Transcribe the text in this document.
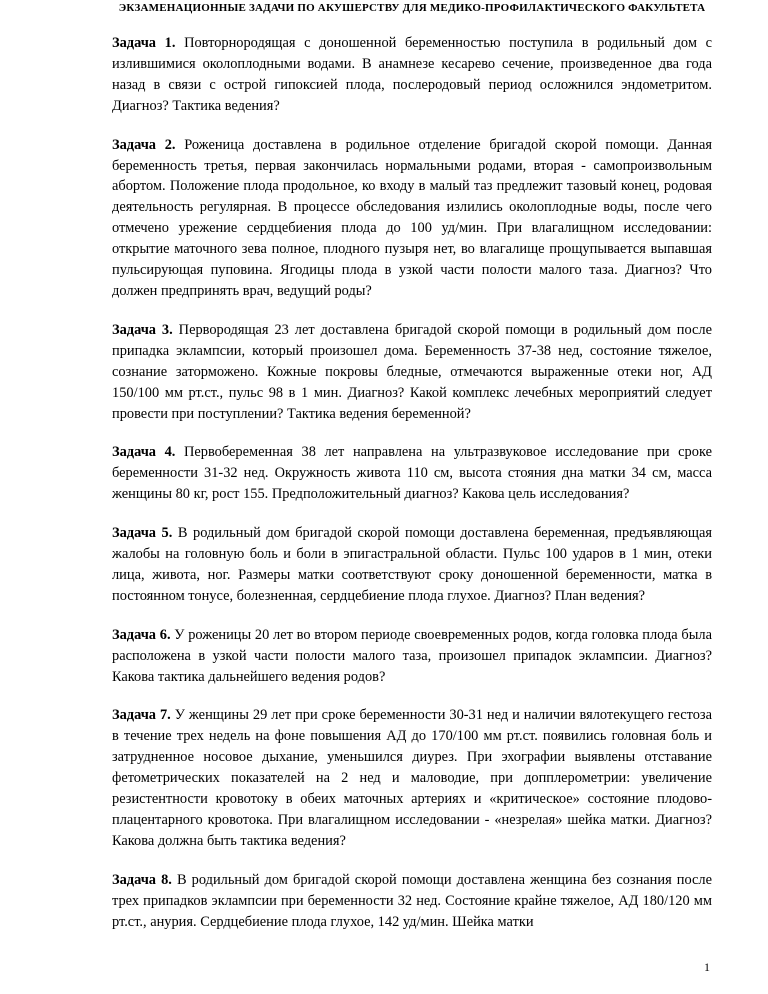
ЭКЗАМЕНАЦИОННЫЕ ЗАДАЧИ ПО АКУШЕРСТВУ ДЛЯ МЕДИКО-ПРОФИЛАКТИЧЕСКОГО ФАКУЛЬТЕТА

Задача 1. Повторнородящая с доношенной беременностью поступила в родильный дом с излившимися околоплодными водами. В анамнезе кесарево сечение, произведенное два года назад в связи с острой гипоксией плода, послеродовый период осложнился эндометритом. Диагноз? Тактика ведения?

Задача 2. Роженица доставлена в родильное отделение бригадой скорой помощи. Данная беременность третья, первая закончилась нормальными родами, вторая - самопроизвольным абортом. Положение плода продольное, ко входу в малый таз предлежит тазовый конец, родовая деятельность регулярная. В процессе обследования излились околоплодные воды, после чего отмечено урежение сердцебиения плода до 100 уд/мин. При влагалищном исследовании: открытие маточного зева полное, плодного пузыря нет, во влагалище прощупывается выпавшая пульсирующая пуповина. Ягодицы плода в узкой части полости малого таза. Диагноз? Что должен предпринять врач, ведущий роды?

Задача 3. Первородящая 23 лет доставлена бригадой скорой помощи в родильный дом после припадка эклампсии, который произошел дома. Беременность 37-38 нед, состояние тяжелое, сознание заторможено. Кожные покровы бледные, отмечаются выраженные отеки ног, АД 150/100 мм рт.ст., пульс 98 в 1 мин. Диагноз? Какой комплекс лечебных мероприятий следует провести при поступлении? Тактика ведения беременной?

Задача 4. Первобеременная 38 лет направлена на ультразвуковое исследование при сроке беременности 31-32 нед. Окружность живота 110 см, высота стояния дна матки 34 см, масса женщины 80 кг, рост 155. Предположительный диагноз? Какова цель исследования?

Задача 5. В родильный дом бригадой скорой помощи доставлена беременная, предъявляющая жалобы на головную боль и боли в эпигастральной области. Пульс 100 ударов в 1 мин, отеки лица, живота, ног. Размеры матки соответствуют сроку доношенной беременности, матка в постоянном тонусе, болезненная, сердцебиение плода глухое. Диагноз? План ведения?

Задача 6. У роженицы 20 лет во втором периоде своевременных родов, когда головка плода была расположена в узкой части полости малого таза, произошел припадок эклампсии. Диагноз? Какова тактика дальнейшего ведения родов?

Задача 7. У женщины 29 лет при сроке беременности 30-31 нед и наличии вялотекущего гестоза в течение трех недель на фоне повышения АД до 170/100 мм рт.ст. появились головная боль и затрудненное носовое дыхание, уменьшился диурез. При эхографии выявлены отставание фетометрических показателей на 2 нед и маловодие, при допплерометрии: увеличение резистентности кровотоку в обеих маточных артериях и «критическое» состояние плодово-плацентарного кровотока. При влагалищном исследовании - «незрелая» шейка матки. Диагноз? Какова должна быть тактика ведения?

Задача 8. В родильный дом бригадой скорой помощи доставлена женщина без сознания после трех припадков эклампсии при беременности 32 нед. Состояние крайне тяжелое, АД 180/120 мм рт.ст., анурия. Сердцебиение плода глухое, 142 уд/мин. Шейка матки

1
